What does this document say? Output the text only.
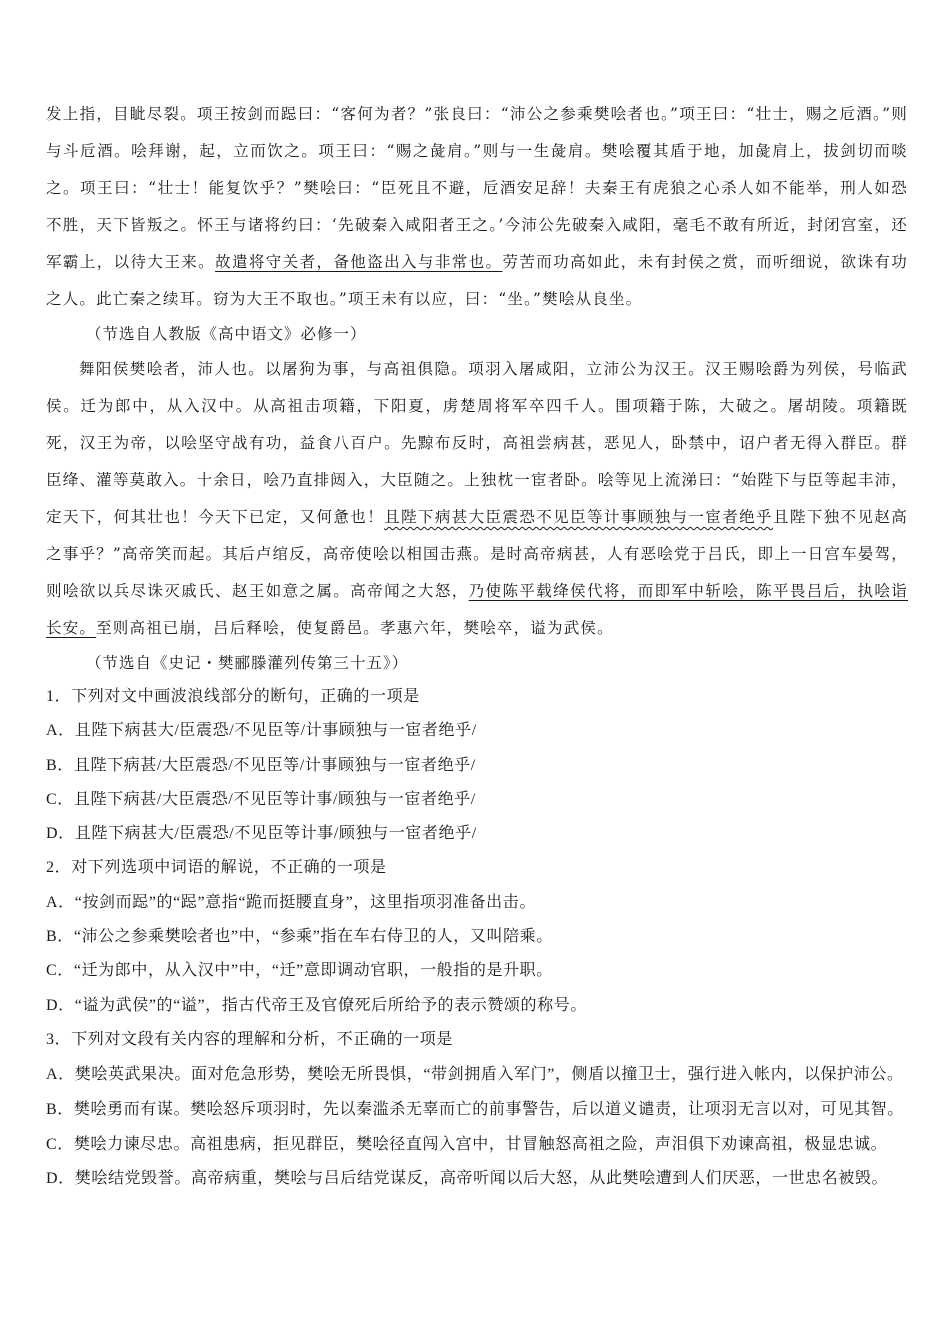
发上指，目眦尽裂。项王按剑而跽曰：“客何为者？”张良曰：“沛公之参乘樊哙者也。”项王曰：“壮士，赐之卮酒。”则与斗卮酒。哙拜谢，起，立而饮之。项王曰：“赐之彘肩。”则与一生彘肩。樊哙覆其盾于地，加彘肩上，拔剑切而啖之。项王曰：“壮士！能复饮乎？”樊哙曰：“臣死且不避，卮酒安足辞！夫秦王有虎狼之心杀人如不能举，刑人如恐不胜，天下皆叛之。怀王与诸将约曰：‘先破秦入咸阳者王之。’今沛公先破秦入咸阳，毫毛不敢有所近，封闭宫室，还军霸上，以待大王来。故遣将守关者，备他盗出入与非常也。劳苦而功高如此，未有封侯之赏，而听细说，欲诛有功之人。此亡秦之续耳。窃为大王不取也。”项王未有以应，曰：“坐。”樊哙从良坐。

（节选自人教版《高中语文》必修一）

舞阳侯樊哙者，沛人也。以屠狗为事，与高祖俱隐。项羽入屠咸阳，立沛公为汉王。汉王赐哙爵为列侯，号临武侯。迁为郎中，从入汉中。从高祖击项籍，下阳夏，虏楚周将军卒四千人。围项籍于陈，大破之。屠胡陵。项籍既死，汉王为帝，以哙坚守战有功，益食八百户。先黥布反时，高祖尝病甚，恶见人，卧禁中，诏户者无得入群臣。群臣绛、灌等莫敢入。十余日，哙乃直排闼入，大臣随之。上独枕一宦者卧。哙等见上流涕曰：“始陛下与臣等起丰沛，定天下，何其壮也！今天下已定，又何惫也！且陛下病甚大臣震恐不见臣等计事顾独与一宦者绝乎且陛下独不见赵高之事乎？”高帝笑而起。其后卢绾反，高帝使哙以相国击燕。是时高帝病甚，人有恶哙党于吕氏，即上一日宫车晏驾，则哙欲以兵尽诛灭戚氏、赵王如意之属。高帝闻之大怒，乃使陈平载绛侯代将，而即军中斩哙，陈平畏吕后，执哙诣长安。至则高祖已崩，吕后释哙，使复爵邑。孝惠六年，樊哙卒，谥为武侯。

（节选自《史记・樊郦滕灌列传第三十五》）

1．下列对文中画波浪线部分的断句，正确的一项是

A．且陛下病甚大/臣震恐/不见臣等/计事顾独与一宦者绝乎/

B．且陛下病甚/大臣震恐/不见臣等/计事顾独与一宦者绝乎/

C．且陛下病甚/大臣震恐/不见臣等计事/顾独与一宦者绝乎/

D．且陛下病甚大/臣震恐/不见臣等计事/顾独与一宦者绝乎/

2．对下列选项中词语的解说，不正确的一项是

A．“按剑而跽”的“跽”意指“跪而挺腰直身”，这里指项羽准备出击。

B．“沛公之参乘樊哙者也”中，“参乘”指在车右侍卫的人，又叫陪乘。

C．“迁为郎中，从入汉中”中，“迁”意即调动官职，一般指的是升职。

D．“谥为武侯”的“谥”，指古代帝王及官僚死后所给予的表示赞颂的称号。

3．下列对文段有关内容的理解和分析，不正确的一项是

A．樊哙英武果决。面对危急形势，樊哙无所畏惧，“带剑拥盾入军门”，侧盾以撞卫士，强行进入帐内，以保护沛公。

B．樊哙勇而有谋。樊哙怒斥项羽时，先以秦滥杀无辜而亡的前事警告，后以道义谴责，让项羽无言以对，可见其智。

C．樊哙力谏尽忠。高祖患病，拒见群臣，樊哙径直闯入宫中，甘冒触怒高祖之险，声泪俱下劝谏高祖，极显忠诚。

D．樊哙结党毁誉。高帝病重，樊哙与吕后结党谋反，高帝听闻以后大怒，从此樊哙遭到人们厌恶，一世忠名被毁。
